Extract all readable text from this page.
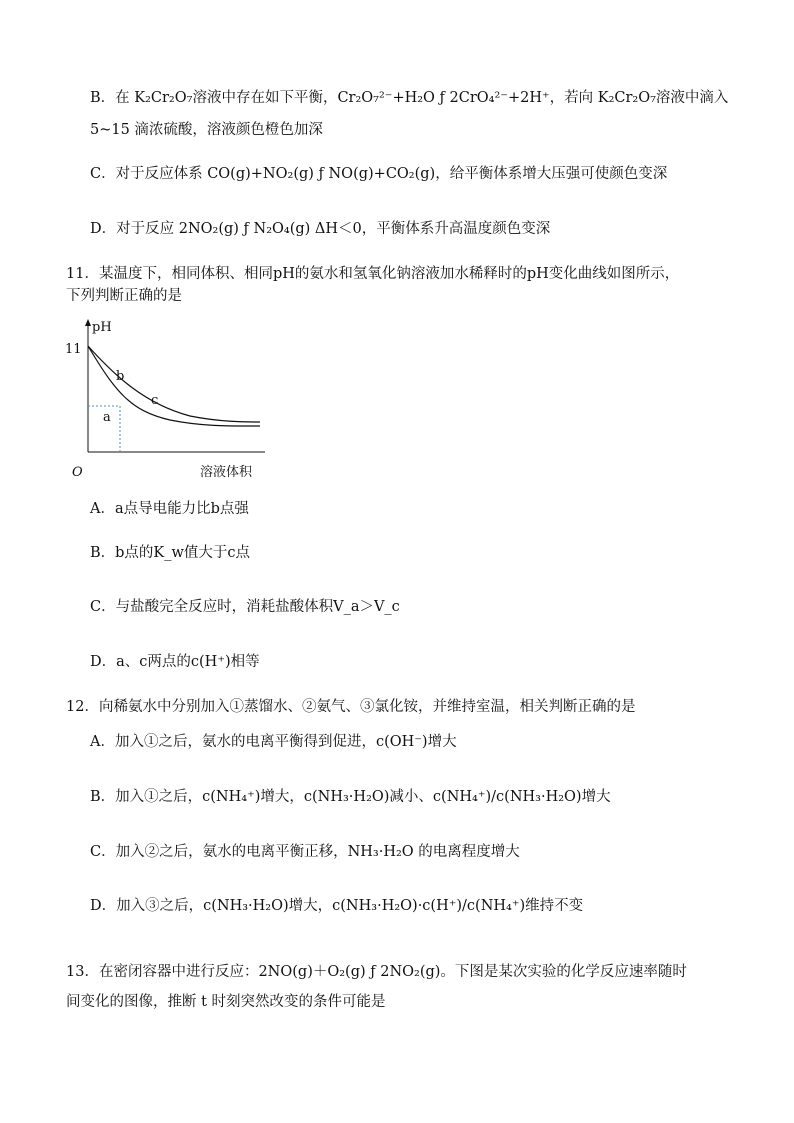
B．在 K₂Cr₂O₇溶液中存在如下平衡，Cr₂O₇²⁻+H₂O ƒ 2CrO₄²⁻+2H⁺，若向 K₂Cr₂O₇溶液中滴入
5~15 滴浓硫酸，溶液颜色橙色加深
C．对于反应体系 CO(g)+NO₂(g) ƒ NO(g)+CO₂(g)，给平衡体系增大压强可使颜色变深
D．对于反应 2NO₂(g) ƒ N₂O₄(g) ΔH＜0，平衡体系升高温度颜色变深
11．某温度下，相同体积、相同pH的氨水和氢氧化钠溶液加水稀释时的pH变化曲线如图所示，
下列判断正确的是
pH
11
b
c
a
O	溶液体积
A．a点导电能力比b点强
B．b点的K_w值大于c点
C．与盐酸完全反应时，消耗盐酸体积V_a＞V_c
D．a、c两点的c(H⁺)相等
12．向稀氨水中分别加入①蒸馏水、②氨气、③氯化铵，并维持室温，相关判断正确的是
A．加入①之后，氨水的电离平衡得到促进，c(OH⁻)增大
B．加入①之后，c(NH₄⁺)增大，c(NH₃·H₂O)减小、c(NH₄⁺)/c(NH₃·H₂O)增大
C．加入②之后，氨水的电离平衡正移，NH₃·H₂O 的电离程度增大
D．加入③之后，c(NH₃·H₂O)增大，c(NH₃·H₂O)·c(H⁺)/c(NH₄⁺)维持不变
13．在密闭容器中进行反应：2NO(g)＋O₂(g) ƒ 2NO₂(g)。下图是某次实验的化学反应速率随时
间变化的图像，推断 t 时刻突然改变的条件可能是
